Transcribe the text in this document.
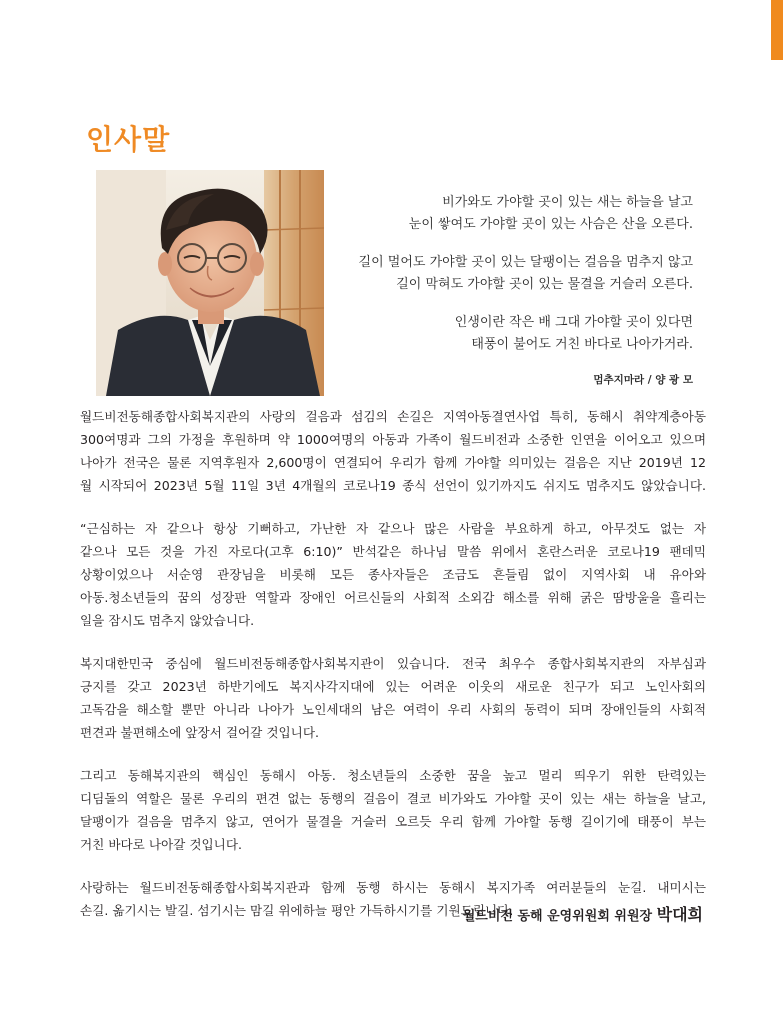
인사말
비가와도 가야할 곳이 있는 새는 하늘을 날고
눈이 쌓여도 가야할 곳이 있는 사슴은 산을 오른다.
길이 멀어도 가야할 곳이 있는 달팽이는 걸음을 멈추지 않고
길이 막혀도 가야할 곳이 있는 물결을 거슬러 오른다.
인생이란 작은 배 그대 가야할 곳이 있다면
태풍이 불어도 거친 바다로 나아가거라.
멈추지마라 / 양 광 모

월드비전동해종합사회복지관의 사랑의 걸음과 섬김의 손길은 지역아동결연사업 특히, 동해시 취약계층아동
300여명과 그의 가정을 후원하며 약 1000여명의 아동과 가족이 월드비전과 소중한 인연을 이어오고 있으며
나아가 전국은 물론 지역후원자 2,600명이 연결되어 우리가 함께 가야할 의미있는 걸음은 지난 2019년 12
월 시작되어 2023년 5월 11일 3년 4개월의 코로나19 종식 선언이 있기까지도 쉬지도 멈추지도 않았습니다.

“근심하는 자 같으나 항상 기뻐하고, 가난한 자 같으나 많은 사람을 부요하게 하고, 아무것도 없는 자
같으나 모든 것을 가진 자로다(고후 6:10)” 반석같은 하나님 말씀 위에서 혼란스러운 코로나19 팬데믹
상황이었으나 서순영 관장님을 비롯해 모든 종사자들은 조금도 흔들림 없이 지역사회 내 유아와
아동.청소년들의 꿈의 성장판 역할과 장애인 어르신들의 사회적 소외감 해소를 위해 굵은 땀방울을 흘리는
일을 잠시도 멈추지 않았습니다.

복지대한민국 중심에 월드비전동해종합사회복지관이 있습니다. 전국 최우수 종합사회복지관의 자부심과
긍지를 갖고 2023년 하반기에도 복지사각지대에 있는 어려운 이웃의 새로운 친구가 되고 노인사회의
고독감을 해소할 뿐만 아니라 나아가 노인세대의 남은 여력이 우리 사회의 동력이 되며 장애인들의 사회적
편견과 불편해소에 앞장서 걸어갈 것입니다.

그리고 동해복지관의 핵심인 동해시 아동. 청소년들의 소중한 꿈을 높고 멀리 띄우기 위한 탄력있는
디딤돌의 역할은 물론 우리의 편견 없는 동행의 걸음이 결코 비가와도 가야할 곳이 있는 새는 하늘을 날고,
달팽이가 걸음을 멈추지 않고, 연어가 물결을 거슬러 오르듯 우리 함께 가야할 동행 길이기에 태풍이 부는
거친 바다로 나아갈 것입니다.

사랑하는 월드비전동해종합사회복지관과 함께 동행 하시는 동해시 복지가족 여러분들의 눈길. 내미시는
손길. 옮기시는 발길. 섬기시는 맘길 위에하늘 평안 가득하시기를 기원드립니다.

월드비전 동해 운영위원회 위원장 박대희
